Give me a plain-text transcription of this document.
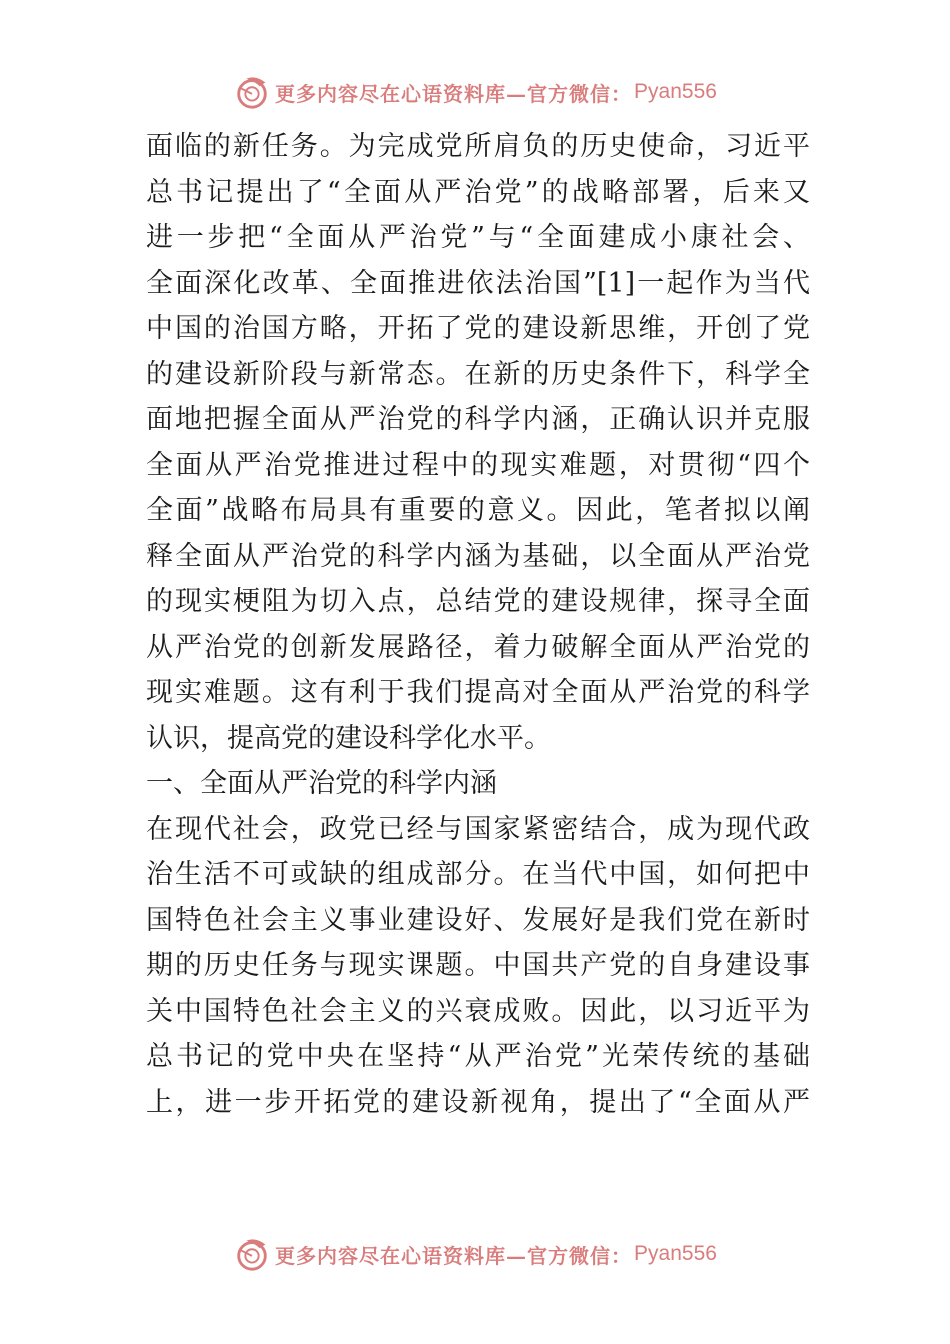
更多内容尽在心语资料库—官方微信： Pyan556
面临的新任务。为完成党所肩负的历史使命，习近平
总书记提出了“全面从严治党”的战略部署，后来又
进一步把“全面从严治党”与“全面建成小康社会、
全面深化改革、全面推进依法治国”[1]一起作为当代
中国的治国方略，开拓了党的建设新思维，开创了党
的建设新阶段与新常态。在新的历史条件下，科学全
面地把握全面从严治党的科学内涵，正确认识并克服
全面从严治党推进过程中的现实难题，对贯彻“四个
全面”战略布局具有重要的意义。因此，笔者拟以阐
释全面从严治党的科学内涵为基础，以全面从严治党
的现实梗阻为切入点，总结党的建设规律，探寻全面
从严治党的创新发展路径，着力破解全面从严治党的
现实难题。这有利于我们提高对全面从严治党的科学
认识，提高党的建设科学化水平。
一、全面从严治党的科学内涵
在现代社会，政党已经与国家紧密结合，成为现代政
治生活不可或缺的组成部分。在当代中国，如何把中
国特色社会主义事业建设好、发展好是我们党在新时
期的历史任务与现实课题。中国共产党的自身建设事
关中国特色社会主义的兴衰成败。因此，以习近平为
总书记的党中央在坚持“从严治党”光荣传统的基础
上，进一步开拓党的建设新视角，提出了“全面从严
更多内容尽在心语资料库—官方微信： Pyan556
